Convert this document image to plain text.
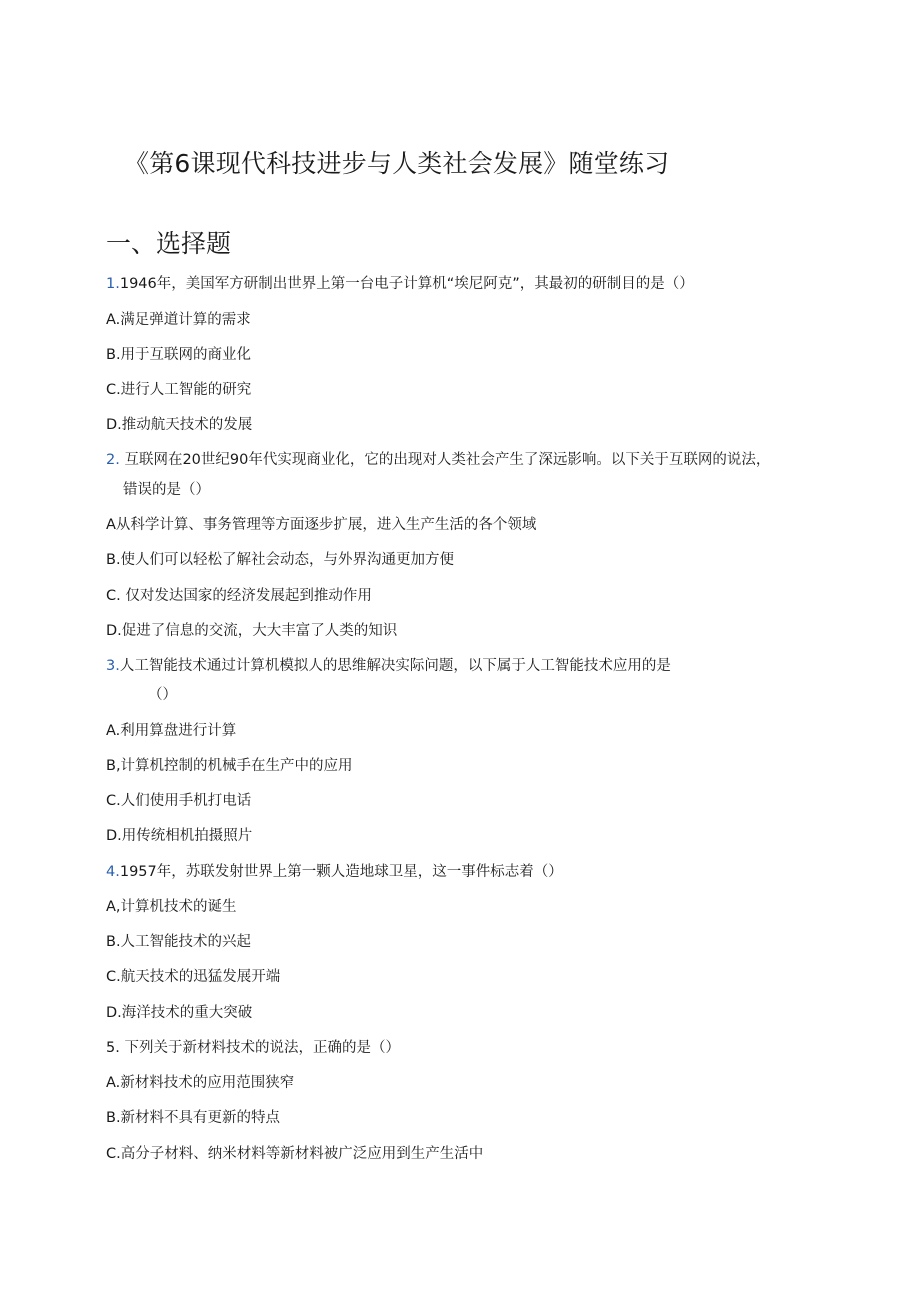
《第6课现代科技进步与人类社会发展》随堂练习
一、选择题
1.1946年，美国军方研制出世界上第一台电子计算机“埃尼阿克”，其最初的研制目的是（）
A.满足弹道计算的需求
B.用于互联网的商业化
C.进行人工智能的研究
D.推动航天技术的发展
2. 互联网在20世纪90年代实现商业化，它的出现对人类社会产生了深远影响。以下关于互联网的说法，
错误的是（）
A从科学计算、事务管理等方面逐步扩展，进入生产生活的各个领域
B.使人们可以轻松了解社会动态，与外界沟通更加方便
C. 仅对发达国家的经济发展起到推动作用
D.促进了信息的交流，大大丰富了人类的知识
3.人工智能技术通过计算机模拟人的思维解决实际问题，以下属于人工智能技术应用的是
（）
A.利用算盘进行计算
B,计算机控制的机械手在生产中的应用
C.人们使用手机打电话
D.用传统相机拍摄照片
4.1957年，苏联发射世界上第一颗人造地球卫星，这一事件标志着（）
A,计算机技术的诞生
B.人工智能技术的兴起
C.航天技术的迅猛发展开端
D.海洋技术的重大突破
5. 下列关于新材料技术的说法，正确的是（）
A.新材料技术的应用范围狭窄
B.新材料不具有更新的特点
C.高分子材料、纳米材料等新材料被广泛应用到生产生活中
